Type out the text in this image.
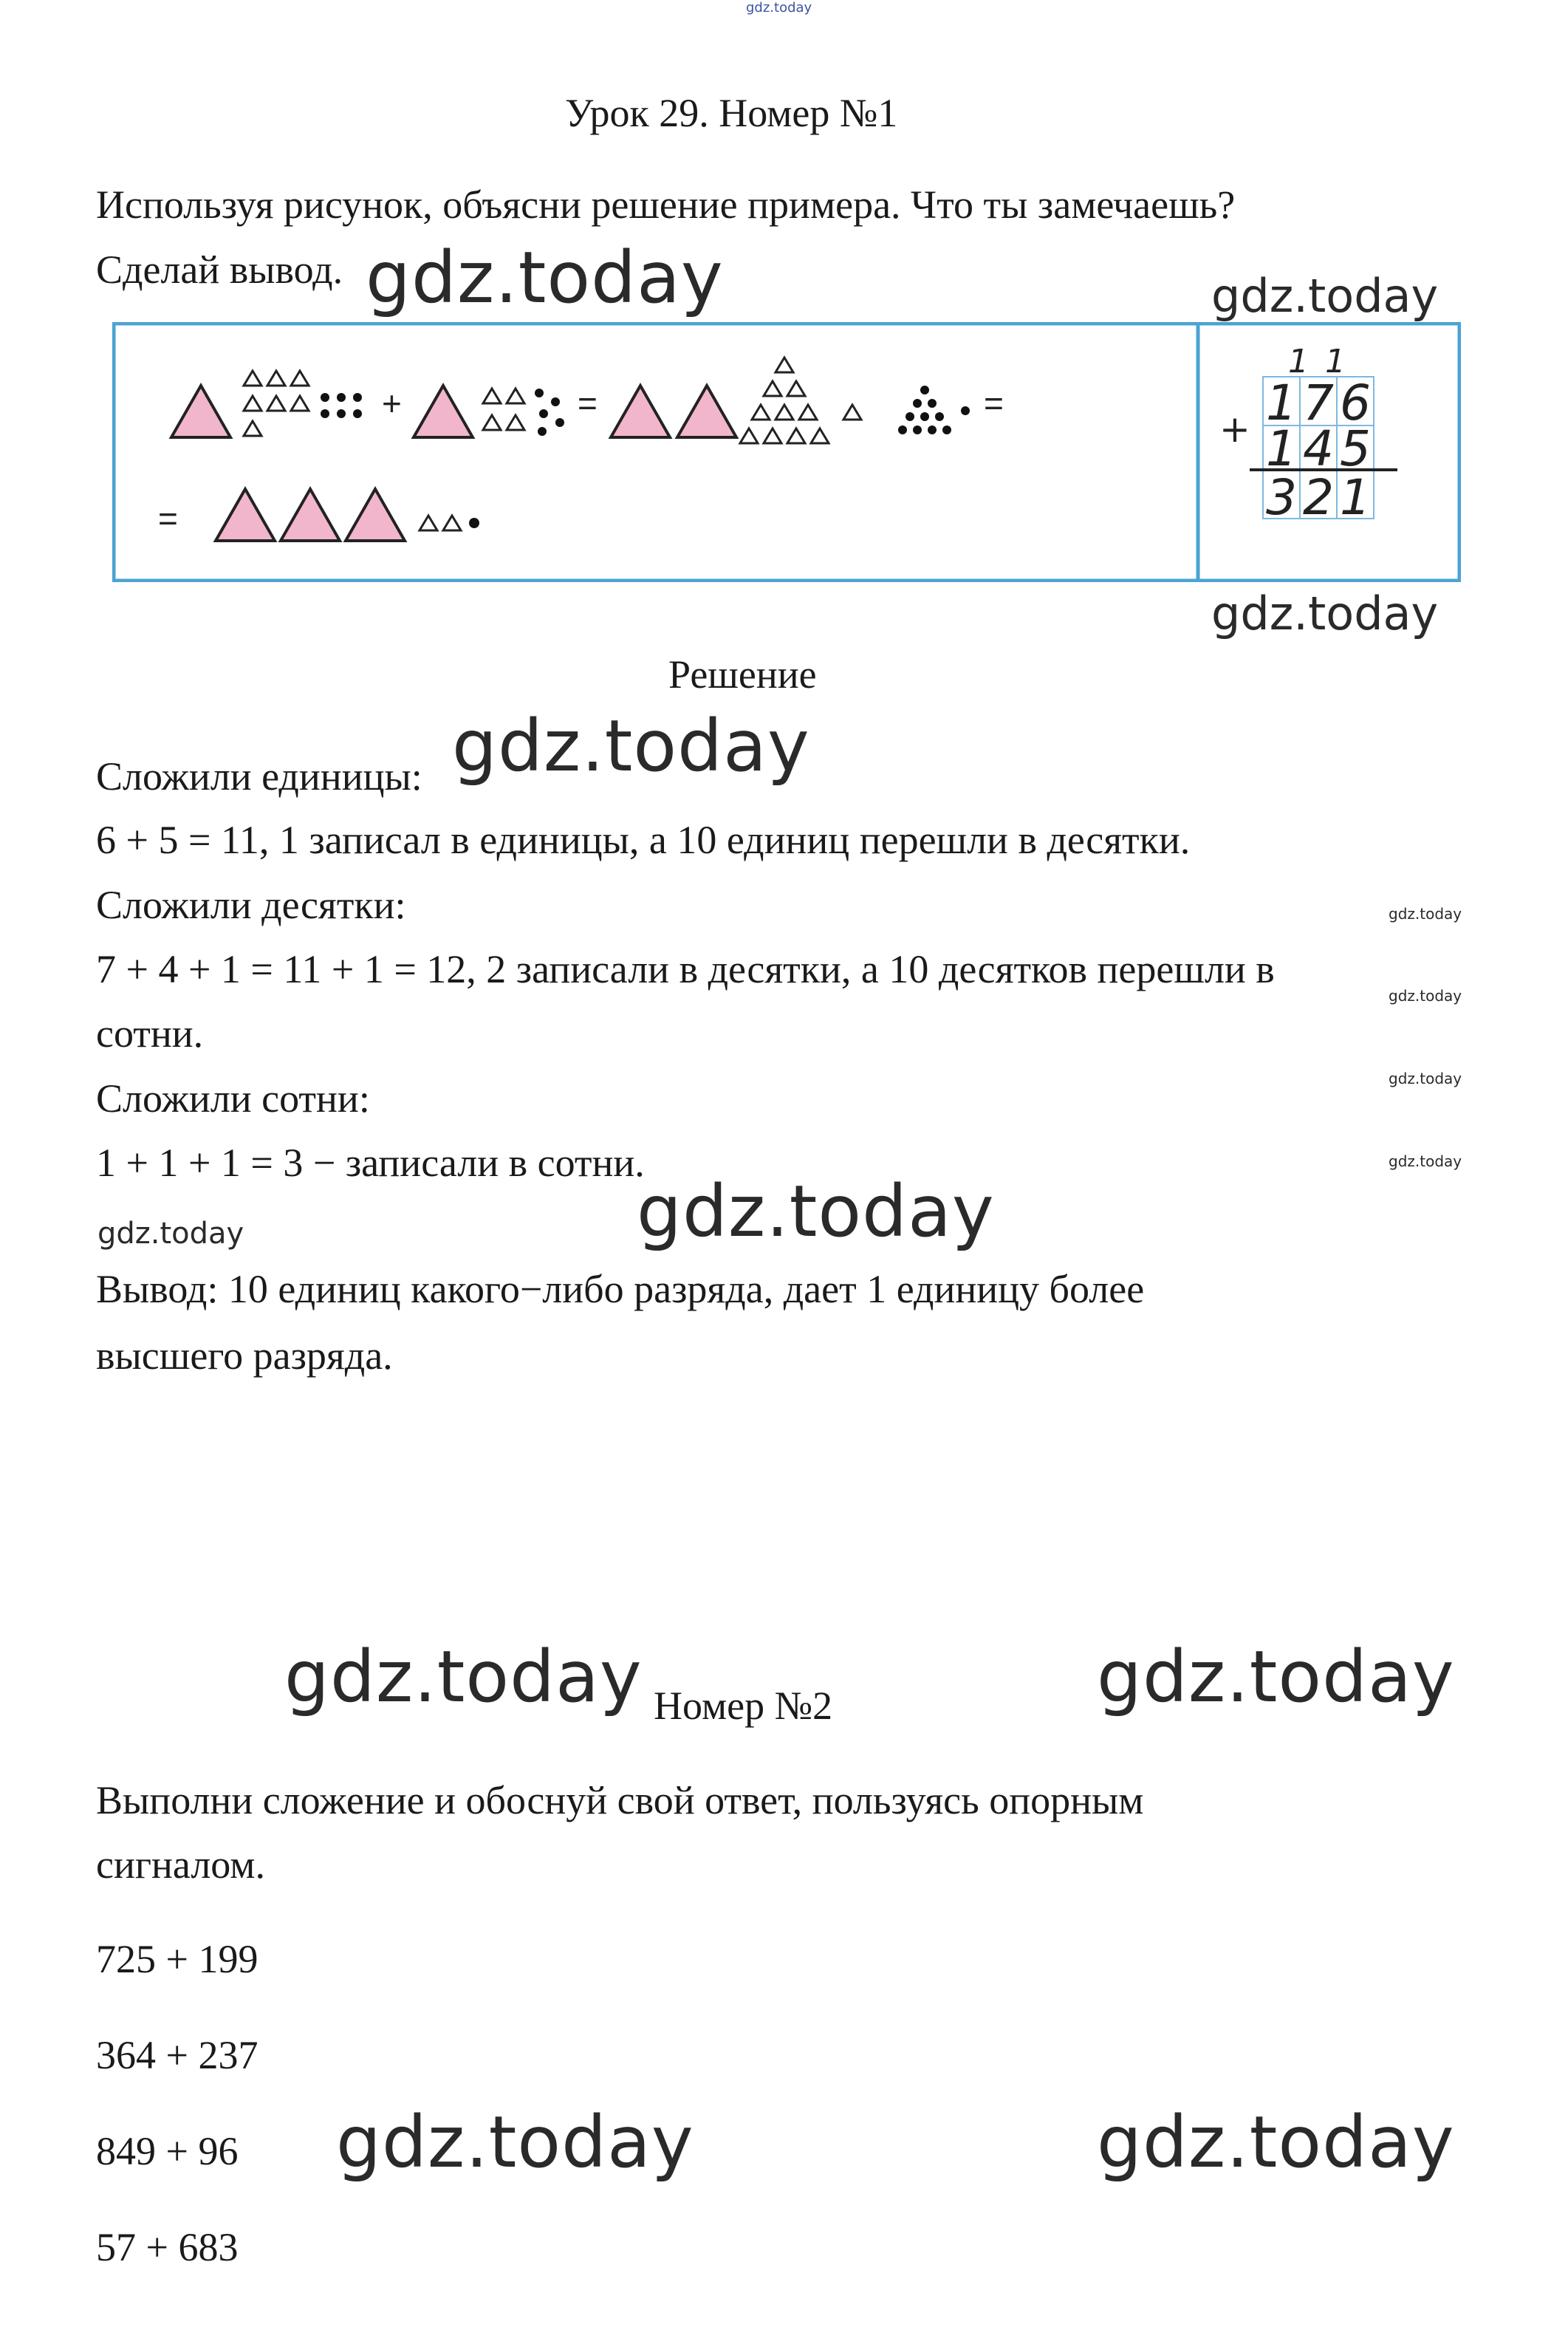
gdz.today
Урок 29. Номер №1
Используя рисунок, объясни решение примера. Что ты замечаешь?
Сделай вывод. gdz.today	gdz.today
+	=	=
=
1 1
+ 1 7 6
1 4 5
3 2 1
gdz.today
Решение
Сложили единицы: gdz.today
6 + 5 = 11, 1 записал в единицы, а 10 единиц перешли в десятки.
Сложили десятки:	gdz.today
7 + 4 + 1 = 11 + 1 = 12, 2 записали в десятки, а 10 десятков перешли в
gdz.today
сотни.
Сложили сотни:	gdz.today
1 + 1 + 1 = 3 − записали в сотни.	gdz.today
gdz.today
gdz.today
Вывод: 10 единиц какого−либо разряда, дает 1 единицу более
высшего разряда.
gdz.today Номер №2	gdz.today
Выполни сложение и обоснуй свой ответ, пользуясь опорным
сигналом.
725 + 199
364 + 237
849 + 96 gdz.today	gdz.today
57 + 683
